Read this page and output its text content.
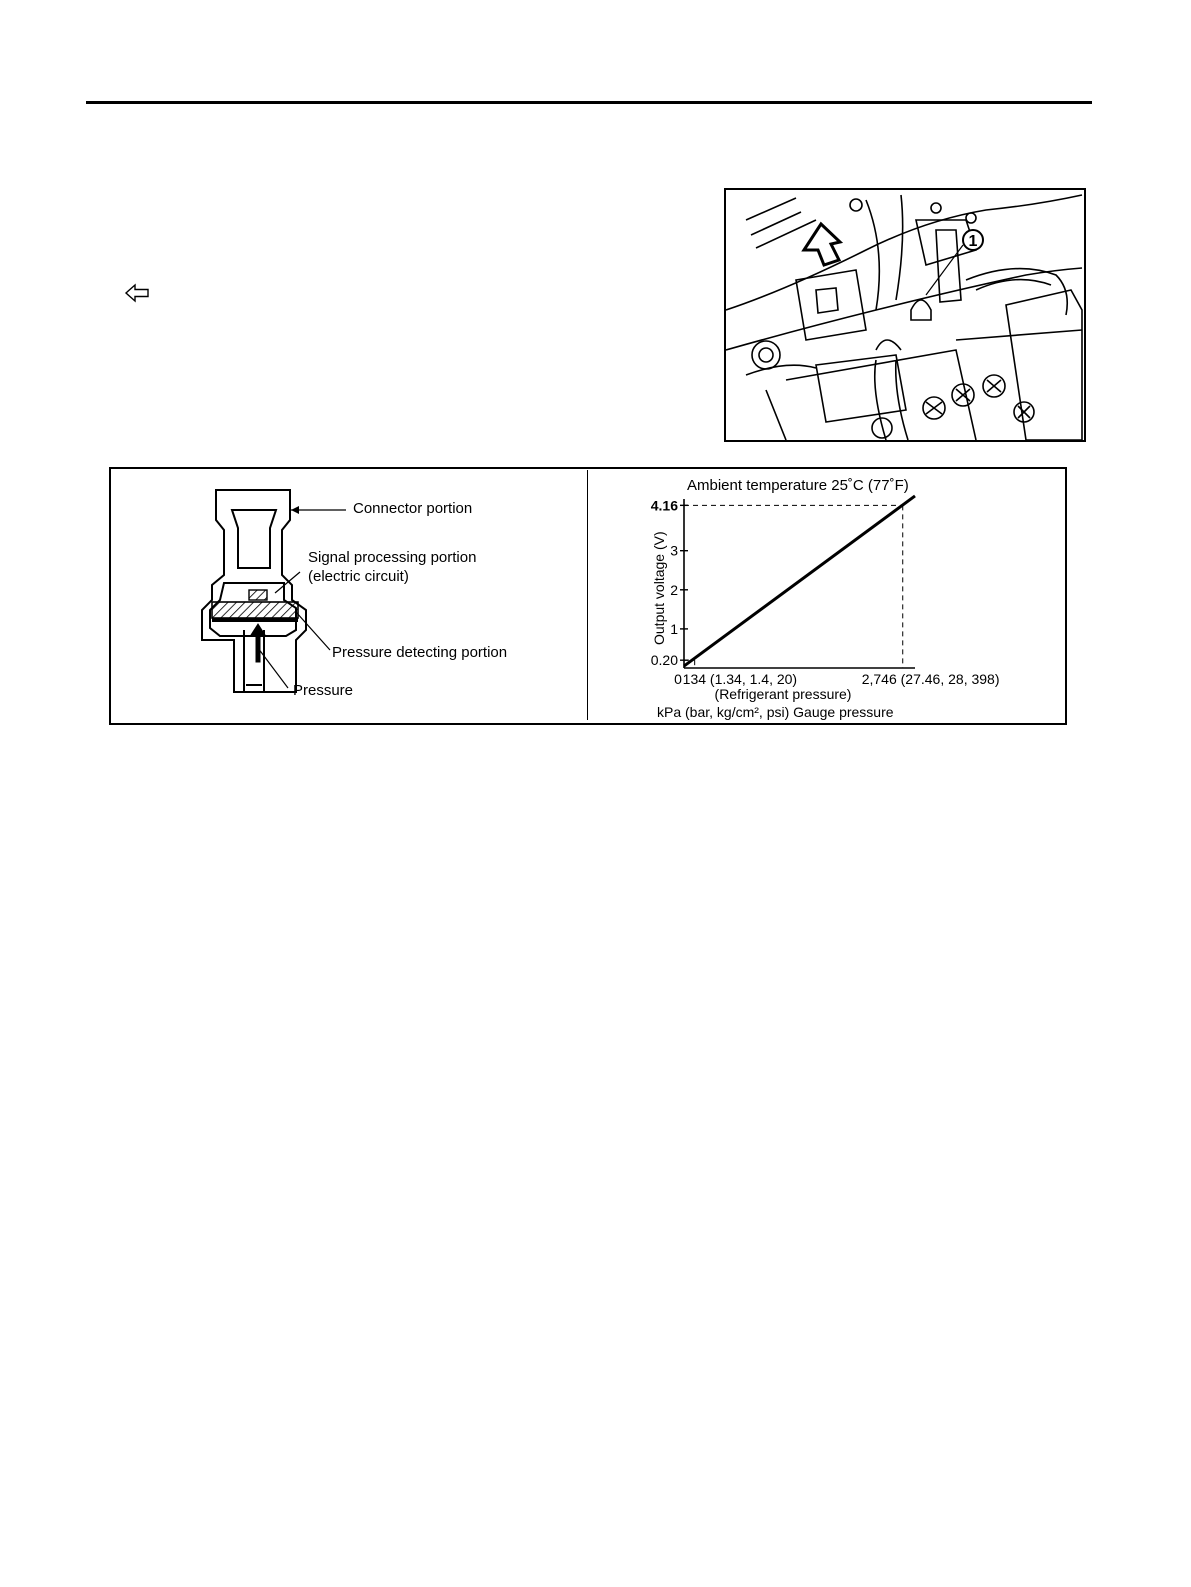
1
Connector portion
Signal processing portion
(electric circuit)
Pressure detecting portion
Pressure
0.20
1
2
3
4.16
0 134 (1.34, 1.4, 20)	2,746 (27.46, 28, 398)
Ambient temperature 25˚C (77˚F)
Output voltage (V)
(Refrigerant pressure)
kPa (bar, kg/cm², psi) Gauge pressure
